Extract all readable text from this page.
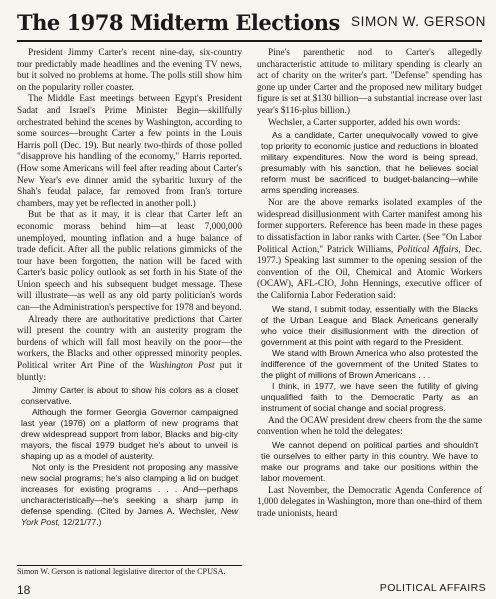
The 1978 Midterm Elections SIMON W. GERSON

President Jimmy Carter's recent nine-day, six-country tour predictably made headlines and the evening TV news, but it solved no problems at home. The polls still show him on the popularity roller coaster.

The Middle East meetings between Egypt's President Sadat and Israel's Prime Minister Begin—skillfully orchestrated behind the scenes by Washington, according to some sources—brought Carter a few points in the Louis Harris poll (Dec. 19). But nearly two-thirds of those polled "disapprove his handling of the economy," Harris reported. (How some Americans will feel after reading about Carter's New Year's eve dinner amid the sybaritic luxury of the Shah's feudal palace, far removed from Iran's torture chambers, may yet be reflected in another poll.)

But be that as it may, it is clear that Carter left an economic morass behind him—at least 7,000,000 unemployed, mounting inflation and a huge balance of trade deficit. After all the public relations gimmicks of the tour have been forgotten, the nation will be faced with Carter's basic policy outlook as set forth in his State of the Union speech and his subsequent budget message. These will illustrate—as well as any old party politician's words can—the Administration's perspective for 1978 and beyond.

Already there are authoritative predictions that Carter will present the country with an austerity program the burdens of which will fall most heavily on the poor—the workers, the Blacks and other oppressed minority peoples. Political writer Art Pine of the Washington Post put it bluntly:

Jimmy Carter is about to show his colors as a closet conservative.

Although the former Georgia Governor campaigned last year (1976) on a platform of new programs that drew widespread support from labor, Blacks and big-city mayors, the fiscal 1979 budget he's about to unveil is shaping up as a model of austerity.

Not only is the President not proposing any massive new social programs; he's also clamping a lid on budget increases for existing programs . . . And—perhaps uncharacteristically—he's seeking a sharp jump in defense spending. (Cited by James A. Wechsler, New York Post, 12/21/77.)

Simon W. Gerson is national legislative director of the CPUSA.

Pine's parenthetic nod to Carter's allegedly uncharacteristic attitude to military spending is clearly an act of charity on the writer's part. "Defense" spending has gone up under Carter and the proposed new military budget figure is set at $130 billion—a substantial increase over last year's $116-plus billion.)

Wechsler, a Carter supporter, added his own words:

As a candidate, Carter unequivocally vowed to give top priority to economic justice and reductions in bloated military expenditures. Now the word is being spread, presumably with his sanction, that he believes social reform must be sacrificed to budget-balancing—while arms spending increases.

Nor are the above remarks isolated examples of the widespread disillusionment with Carter manifest among his former supporters. Reference has been made in these pages to dissatisfaction in labor ranks with Carter. (See "On Labor Political Action," Patrick Williams, Political Affairs, Dec. 1977.) Speaking last summer to the opening session of the convention of the Oil, Chemical and Atomic Workers (OCAW), AFL-CIO, John Hennings, executive officer of the California Labor Federation said:

We stand, I submit today, essentially with the Blacks of the Urban League and Black Americans generally who voice their disillusionment with the direction of government at this point with regard to the President.

We stand with Brown America who also protested the indifference of the government of the United States to the plight of millions of Brown Americans . . .

I think, in 1977, we have seen the futility of giving unqualified faith to the Democratic Party as an instrument of social change and social progress.

And the OCAW president drew cheers from the the same convention when he told the delegates:

We cannot depend on political parties and shouldn't tie ourselves to either party in this country. We have to make our programs and take our positions within the labor movement.

Last November, the Democratic Agenda Conference of 1,000 delegates in Washington, more than one-third of them trade unionists, heard

18	POLITICAL AFFAIRS
